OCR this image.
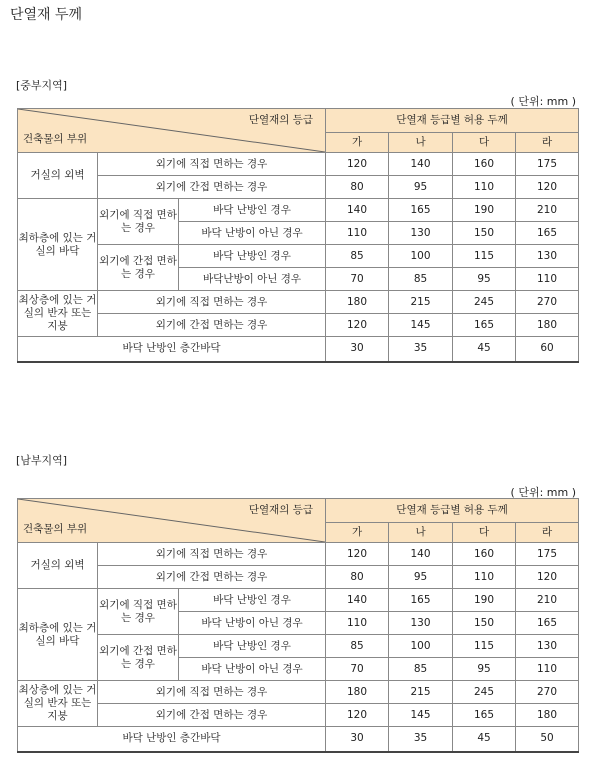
단열재 두께
[중부지역]
( 단위: mm )
단열재의 등급
건축물의 부위			단열재 등급별 허용 두께			
			가	나	다	라
거실의 외벽	외기에 직접 면하는 경우		120	140	160	175
	외기에 간접 면하는 경우		80	95	110	120
최하층에 있는 거실의 바닥	외기에 직접 면하는 경우	바닥 난방인 경우	140	165	190	210
		바닥 난방이 아닌 경우	110	130	150	165
	외기에 간접 면하는 경우	바닥 난방인 경우	85	100	115	130
		바닥난방이 아닌 경우	70	85	95	110
최상층에 있는 거실의 반자 또는 지붕	외기에 직접 면하는 경우		180	215	245	270
	외기에 간접 면하는 경우		120	145	165	180
바닥 난방인 층간바닥			30	35	45	60
[남부지역]
( 단위: mm )
단열재의 등급
건축물의 부위			단열재 등급별 허용 두께			
			가	나	다	라
거실의 외벽	외기에 직접 면하는 경우		120	140	160	175
	외기에 간접 면하는 경우		80	95	110	120
최하층에 있는 거실의 바닥	외기에 직접 면하는 경우	바닥 난방인 경우	140	165	190	210
		바닥 난방이 아닌 경우	110	130	150	165
	외기에 간접 면하는 경우	바닥 난방인 경우	85	100	115	130
		바닥 난방이 아닌 경우	70	85	95	110
최상층에 있는 거실의 반자 또는 지붕	외기에 직접 면하는 경우		180	215	245	270
	외기에 간접 면하는 경우		120	145	165	180
바닥 난방인 층간바닥			30	35	45	50
